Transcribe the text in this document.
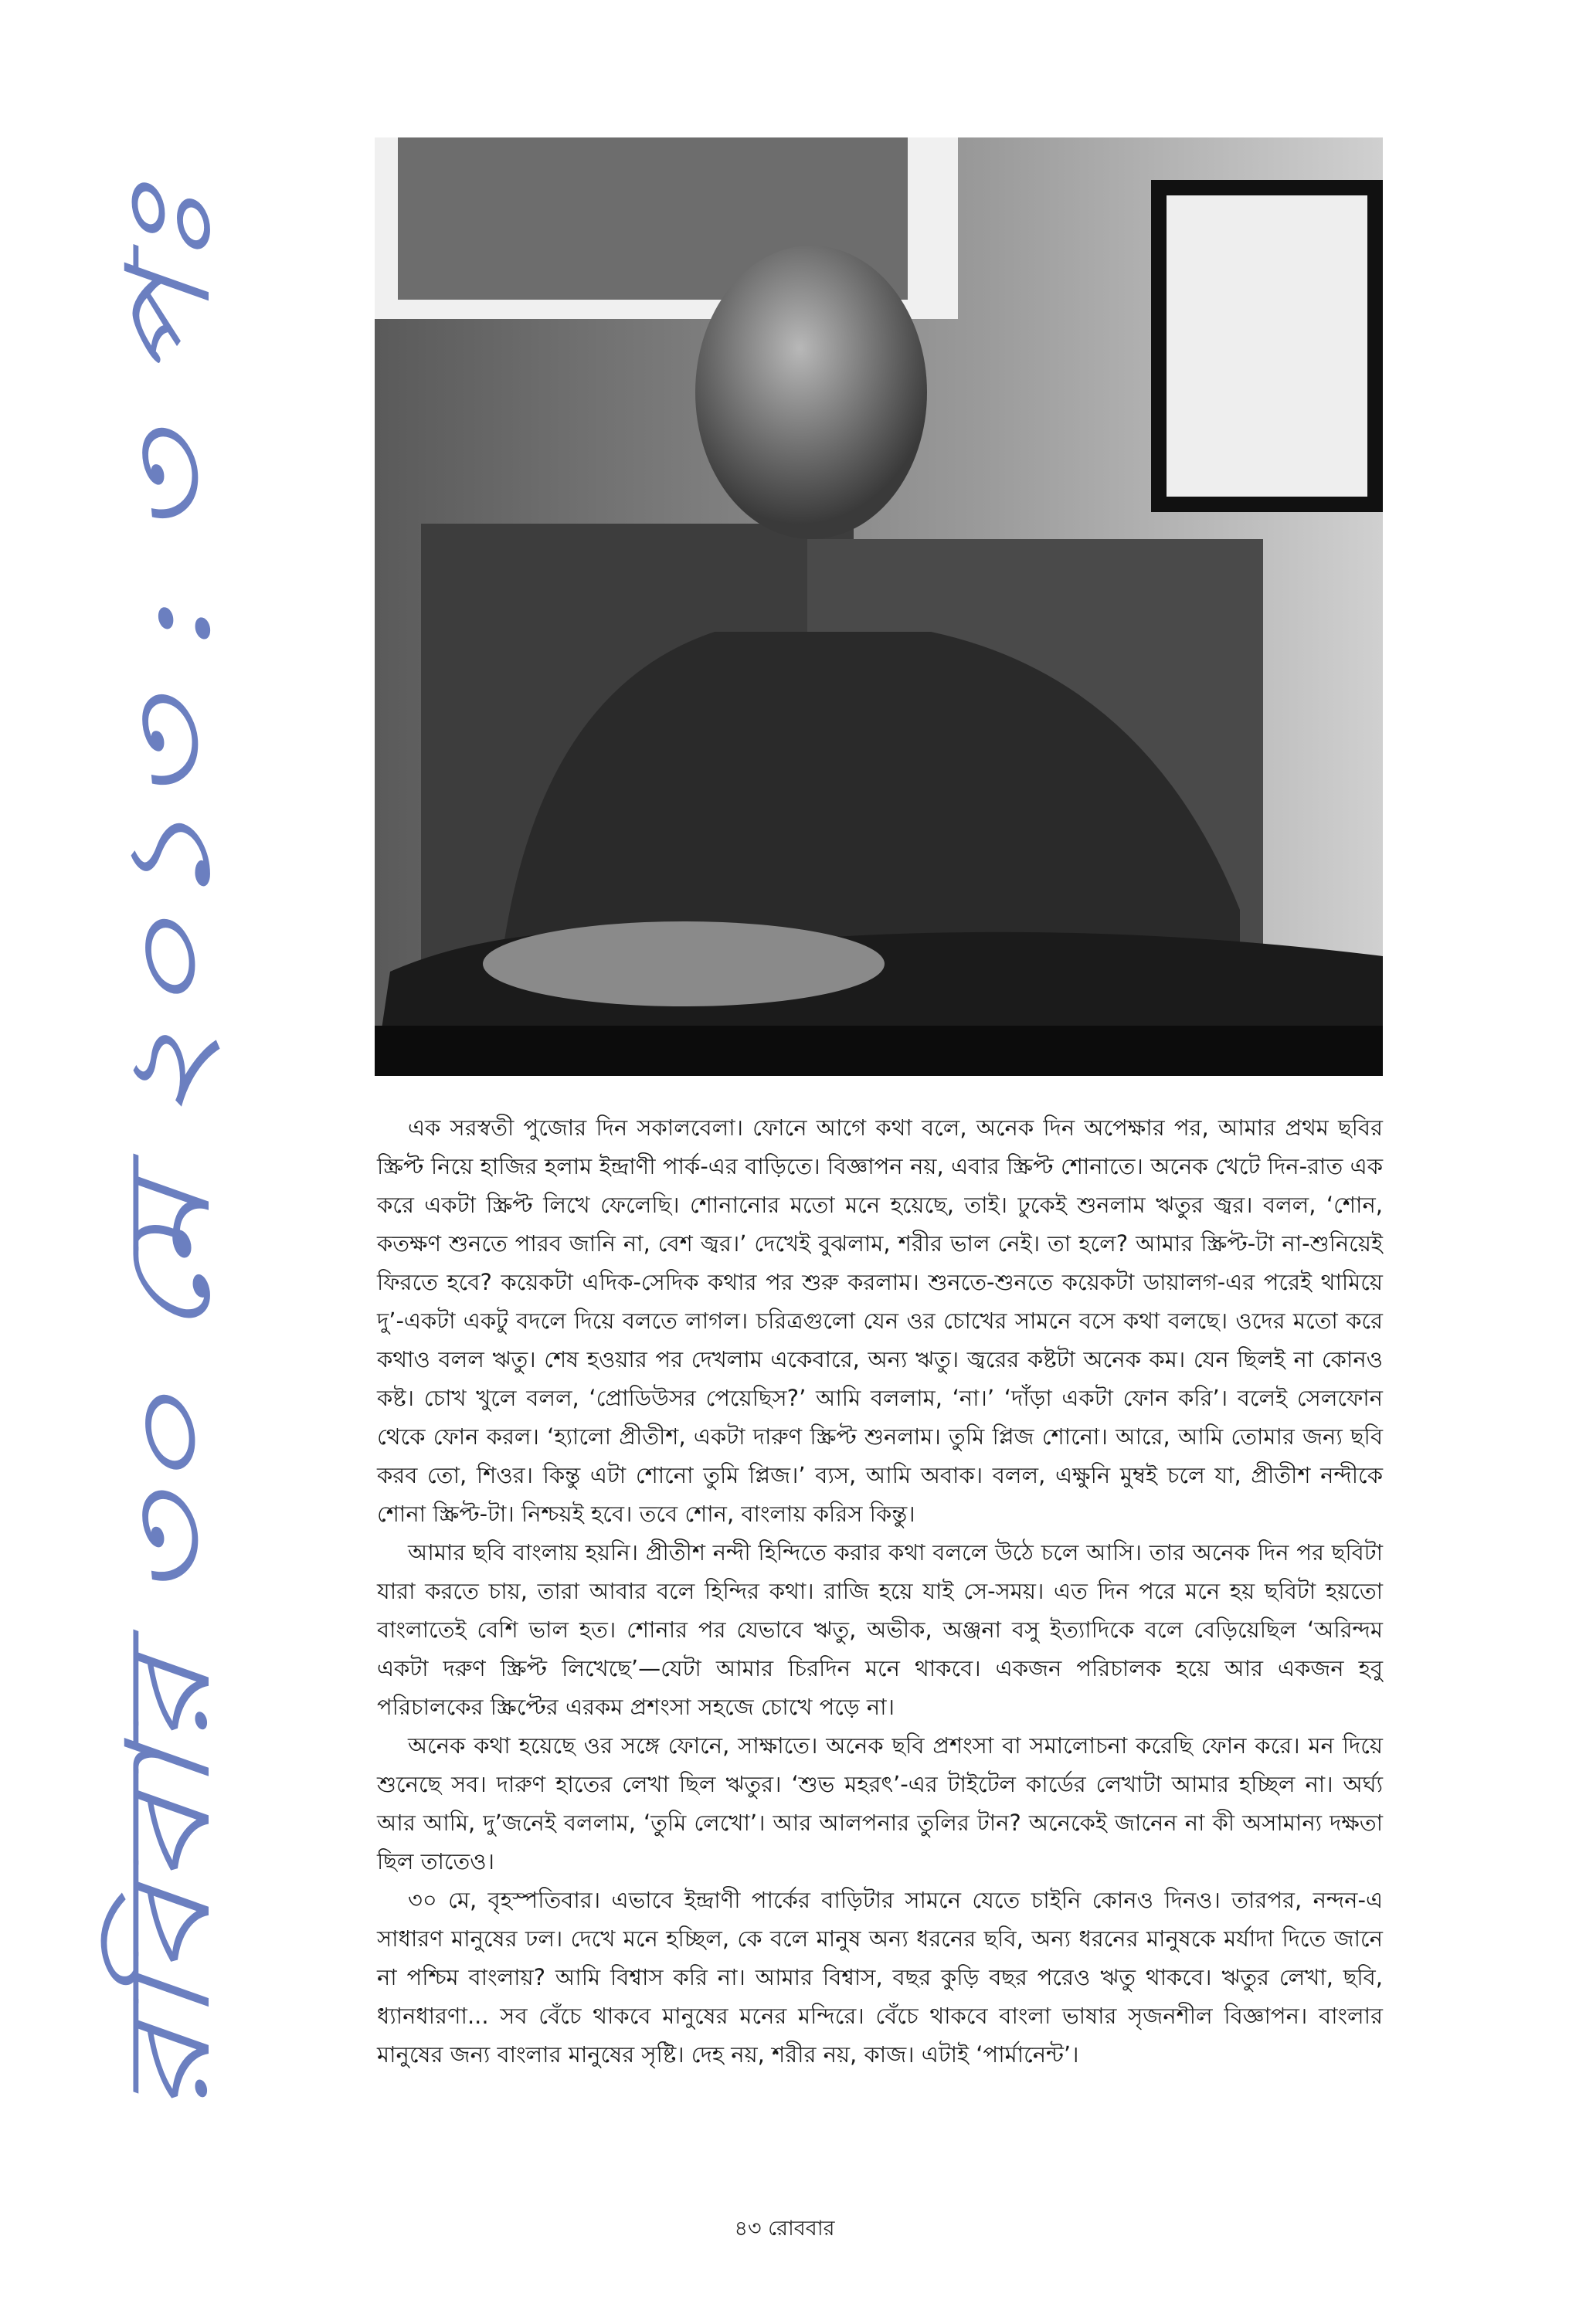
রবিবার ৩০ মে ২০১৩ : ৩ পঃ	এক সরস্বতী পুজোর দিন সকালবেলা। ফোনে আগে কথা বলে, অনেক দিন অপেক্ষার পর, আমার প্রথম ছবির স্ক্রিপ্ট নিয়ে হাজির হলাম ইন্দ্রাণী পার্ক-এর বাড়িতে। বিজ্ঞাপন নয়, এবার স্ক্রিপ্ট শোনাতে। অনেক খেটে দিন-রাত এক করে একটা স্ক্রিপ্ট লিখে ফেলেছি। শোনানোর মতো মনে হয়েছে, তাই। ঢুকেই শুনলাম ঋতুর জ্বর। বলল, ‘শোন, কতক্ষণ শুনতে পারব জানি না, বেশ জ্বর।’ দেখেই বুঝলাম, শরীর ভাল নেই। তা হলে? আমার স্ক্রিপ্ট-টা না-শুনিয়েই ফিরতে হবে? কয়েকটা এদিক-সেদিক কথার পর শুরু করলাম। শুনতে-শুনতে কয়েকটা ডায়ালগ-এর পরেই থামিয়ে দু’-একটা একটু বদলে দিয়ে বলতে লাগল। চরিত্রগুলো যেন ওর চোখের সামনে বসে কথা বলছে। ওদের মতো করে কথাও বলল ঋতু। শেষ হওয়ার পর দেখলাম একেবারে, অন্য ঋতু। জ্বরের কষ্টটা অনেক কম। যেন ছিলই না কোনও কষ্ট। চোখ খুলে বলল, ‘প্রোডিউসর পেয়েছিস?’ আমি বললাম, ‘না।’ ‘দাঁড়া একটা ফোন করি’। বলেই সেলফোন থেকে ফোন করল। ‘হ্যালো প্রীতীশ, একটা দারুণ স্ক্রিপ্ট শুনলাম। তুমি প্লিজ শোনো। আরে, আমি তোমার জন্য ছবি করব তো, শিওর। কিন্তু এটা শোনো তুমি প্লিজ।’ ব্যস, আমি অবাক। বলল, এক্ষুনি মুম্বই চলে যা, প্রীতীশ নন্দীকে শোনা স্ক্রিপ্ট-টা। নিশ্চয়ই হবে। তবে শোন, বাংলায় করিস কিন্তু।

আমার ছবি বাংলায় হয়নি। প্রীতীশ নন্দী হিন্দিতে করার কথা বললে উঠে চলে আসি। তার অনেক দিন পর ছবিটা যারা করতে চায়, তারা আবার বলে হিন্দির কথা। রাজি হয়ে যাই সে-সময়। এত দিন পরে মনে হয় ছবিটা হয়তো বাংলাতেই বেশি ভাল হত। শোনার পর যেভাবে ঋতু, অভীক, অঞ্জনা বসু ইত্যাদিকে বলে বেড়িয়েছিল ‘অরিন্দম একটা দরুণ স্ক্রিপ্ট লিখেছে’—যেটা আমার চিরদিন মনে থাকবে। একজন পরিচালক হয়ে আর একজন হবু পরিচালকের স্ক্রিপ্টের এরকম প্রশংসা সহজে চোখে পড়ে না।

অনেক কথা হয়েছে ওর সঙ্গে ফোনে, সাক্ষাতে। অনেক ছবি প্রশংসা বা সমালোচনা করেছি ফোন করে। মন দিয়ে শুনেছে সব। দারুণ হাতের লেখা ছিল ঋতুর। ‘শুভ মহরৎ’-এর টাইটেল কার্ডের লেখাটা আমার হচ্ছিল না। অর্ঘ্য আর আমি, দু’জনেই বললাম, ‘তুমি লেখো’। আর আলপনার তুলির টান? অনেকেই জানেন না কী অসামান্য দক্ষতা ছিল তাতেও।

৩০ মে, বৃহস্পতিবার। এভাবে ইন্দ্রাণী পার্কের বাড়িটার সামনে যেতে চাইনি কোনও দিনও। তারপর, নন্দন-এ সাধারণ মানুষের ঢল। দেখে মনে হচ্ছিল, কে বলে মানুষ অন্য ধরনের ছবি, অন্য ধরনের মানুষকে মর্যাদা দিতে জানে না পশ্চিম বাংলায়? আমি বিশ্বাস করি না। আমার বিশ্বাস, বছর কুড়ি বছর পরেও ঋতু থাকবে। ঋতুর লেখা, ছবি, ধ্যানধারণা... সব বেঁচে থাকবে মানুষের মনের মন্দিরে। বেঁচে থাকবে বাংলা ভাষার সৃজনশীল বিজ্ঞাপন। বাংলার মানুষের জন্য বাংলার মানুষের সৃষ্টি। দেহ নয়, শরীর নয়, কাজ। এটাই ‘পার্মানেন্ট’।

৪৩ রোববার
